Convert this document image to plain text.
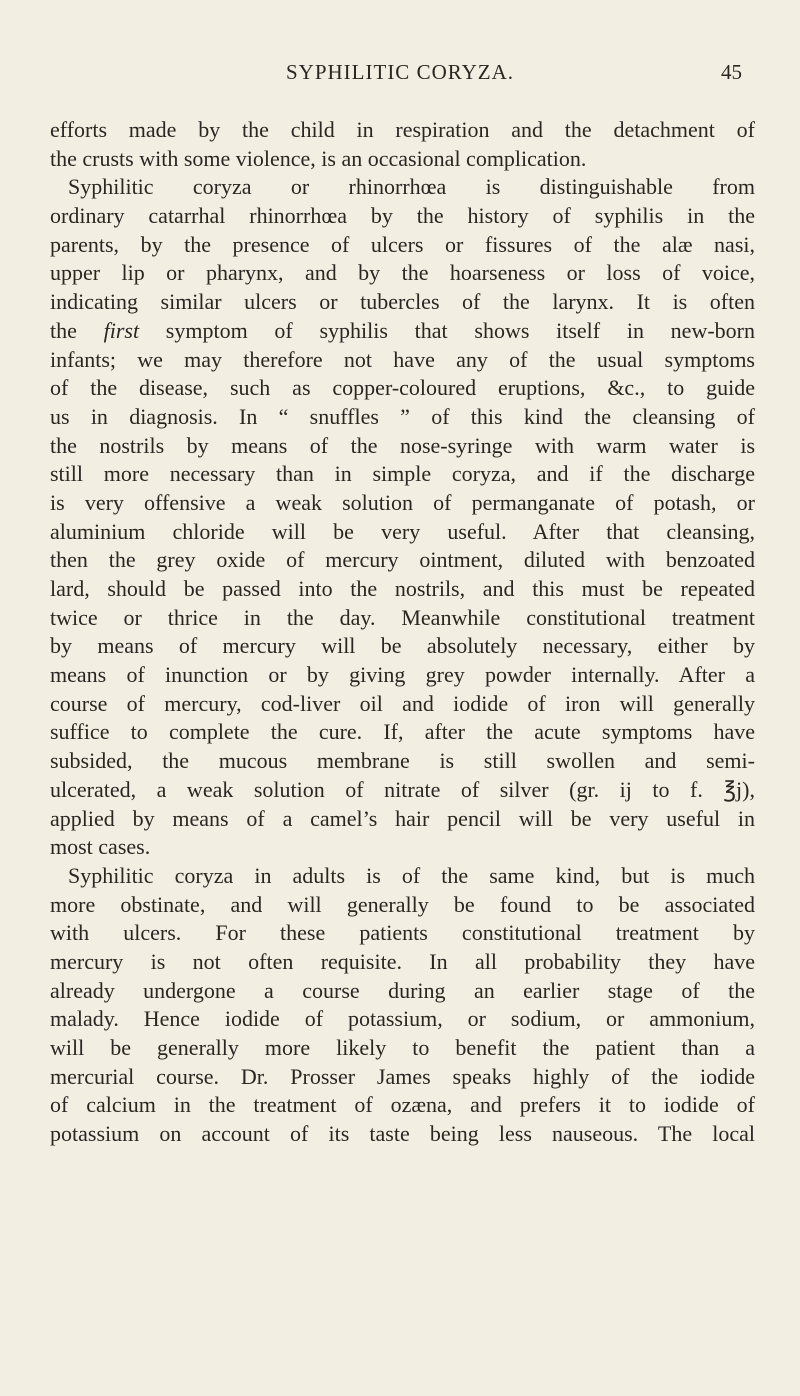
SYPHILITIC CORYZA.	45
efforts made by the child in respiration and the detachment of
the crusts with some violence, is an occasional complication.
Syphilitic coryza or rhinorrhœa is distinguishable from
ordinary catarrhal rhinorrhœa by the history of syphilis in the
parents, by the presence of ulcers or fissures of the alæ nasi,
upper lip or pharynx, and by the hoarseness or loss of voice,
indicating similar ulcers or tubercles of the larynx. It is often
the first symptom of syphilis that shows itself in new-born
infants; we may therefore not have any of the usual symptoms
of the disease, such as copper-coloured eruptions, &c., to guide
us in diagnosis. In “ snuffles ” of this kind the cleansing of
the nostrils by means of the nose-syringe with warm water is
still more necessary than in simple coryza, and if the discharge
is very offensive a weak solution of permanganate of potash, or
aluminium chloride will be very useful. After that cleansing,
then the grey oxide of mercury ointment, diluted with benzoated
lard, should be passed into the nostrils, and this must be repeated
twice or thrice in the day. Meanwhile constitutional treatment
by means of mercury will be absolutely necessary, either by
means of inunction or by giving grey powder internally. After a
course of mercury, cod-liver oil and iodide of iron will generally
suffice to complete the cure. If, after the acute symptoms have
subsided, the mucous membrane is still swollen and semi-
ulcerated, a weak solution of nitrate of silver (gr. ij to f. ℥j),
applied by means of a camel’s hair pencil will be very useful in
most cases.
Syphilitic coryza in adults is of the same kind, but is much
more obstinate, and will generally be found to be associated
with ulcers. For these patients constitutional treatment by
mercury is not often requisite. In all probability they have
already undergone a course during an earlier stage of the
malady. Hence iodide of potassium, or sodium, or ammonium,
will be generally more likely to benefit the patient than a
mercurial course. Dr. Prosser James speaks highly of the iodide
of calcium in the treatment of ozæna, and prefers it to iodide of
potassium on account of its taste being less nauseous. The local
